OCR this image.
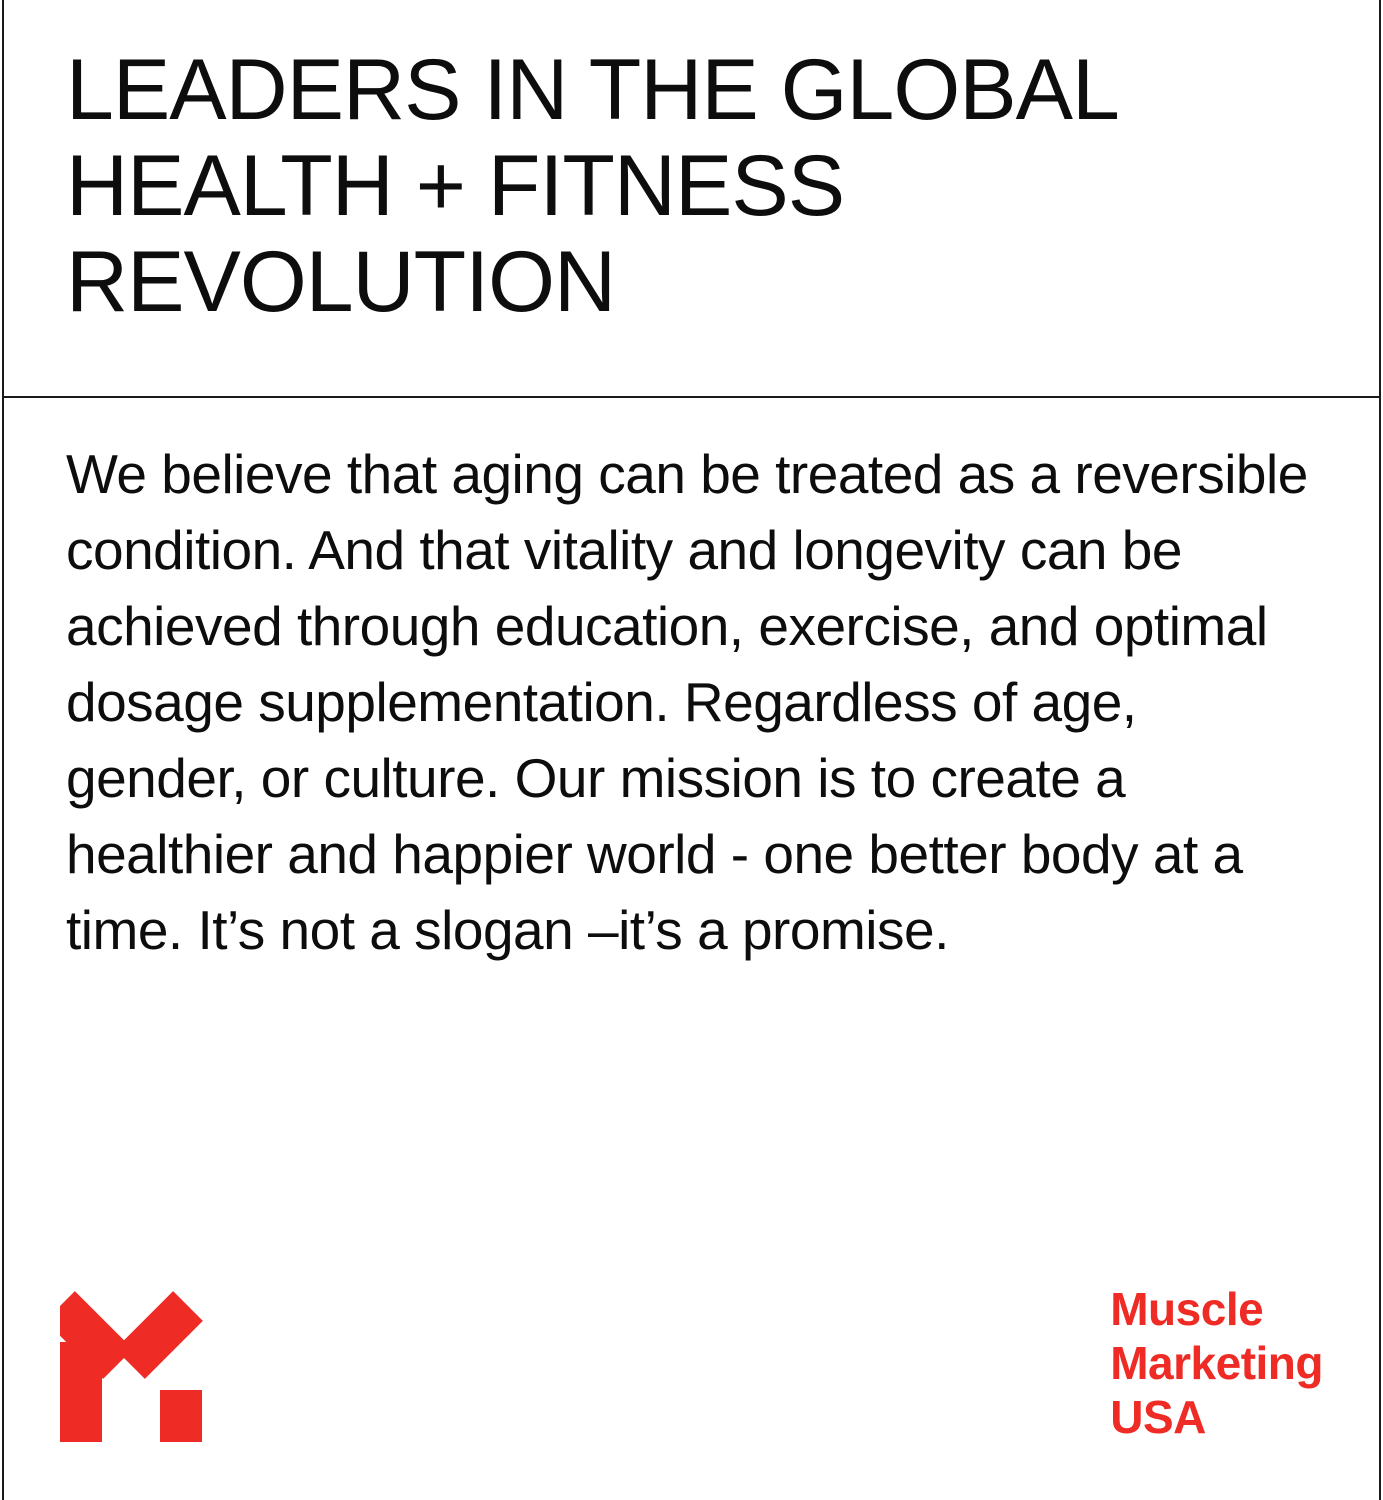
LEADERS IN THE GLOBAL HEALTH + FITNESS REVOLUTION

We believe that aging can be treated as a reversible condition. And that vitality and longevity can be achieved through education, exercise, and optimal dosage supplementation. Regardless of age, gender, or culture. Our mission is to create a healthier and happier world - one better body at a time. It’s not a slogan –it’s a promise.

Muscle
Marketing
USA
